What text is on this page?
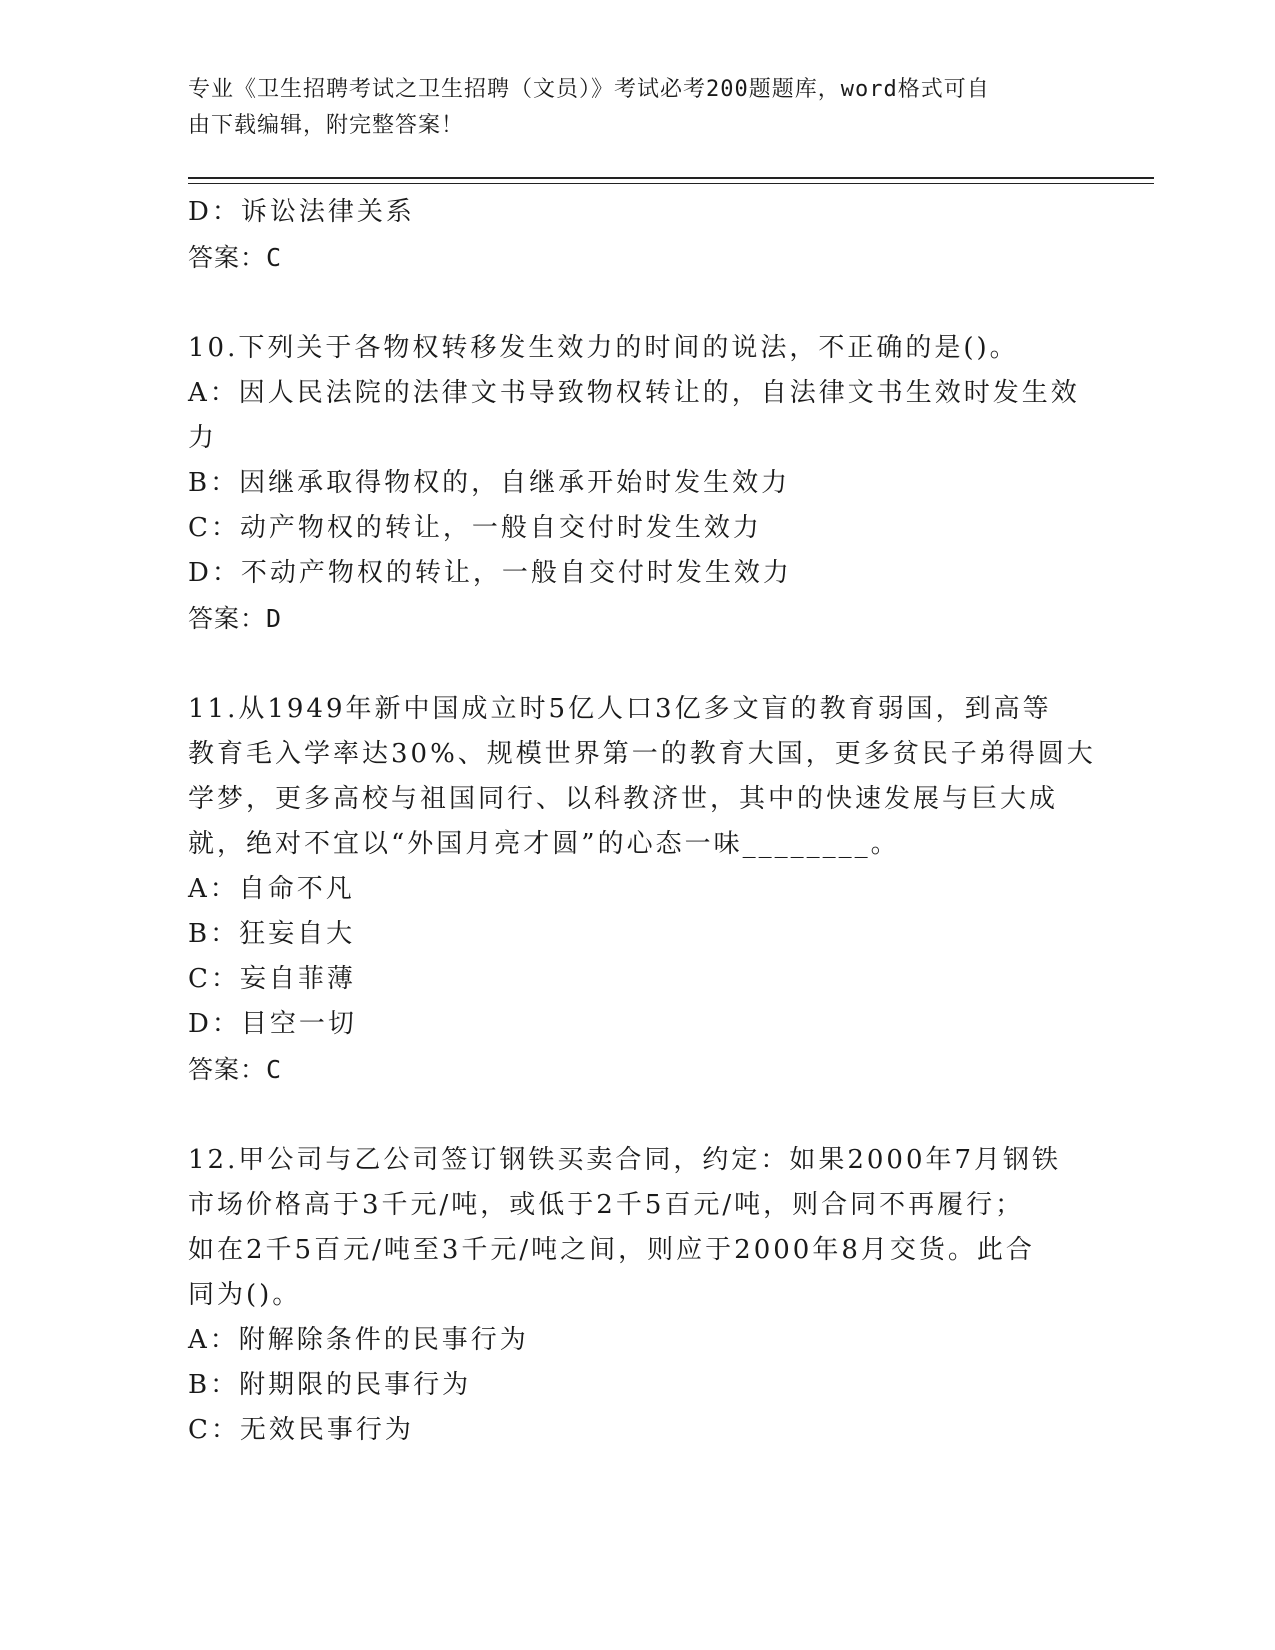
专业《卫生招聘考试之卫生招聘（文员）》考试必考200题题库，word格式可自
由下载编辑，附完整答案！
D：诉讼法律关系
答案：C
10.下列关于各物权转移发生效力的时间的说法，不正确的是()。
A：因人民法院的法律文书导致物权转让的，自法律文书生效时发生效
力
B：因继承取得物权的，自继承开始时发生效力
C：动产物权的转让，一般自交付时发生效力
D：不动产物权的转让，一般自交付时发生效力
答案：D
11.从1949年新中国成立时5亿人口3亿多文盲的教育弱国，到高等
教育毛入学率达30%、规模世界第一的教育大国，更多贫民子弟得圆大
学梦，更多高校与祖国同行、以科教济世，其中的快速发展与巨大成
就，绝对不宜以“外国月亮才圆”的心态一味________。
A：自命不凡
B：狂妄自大
C：妄自菲薄
D：目空一切
答案：C
12.甲公司与乙公司签订钢铁买卖合同，约定：如果2000年7月钢铁
市场价格高于3千元/吨，或低于2千5百元/吨，则合同不再履行；
如在2千5百元/吨至3千元/吨之间，则应于2000年8月交货。此合
同为()。
A：附解除条件的民事行为
B：附期限的民事行为
C：无效民事行为
